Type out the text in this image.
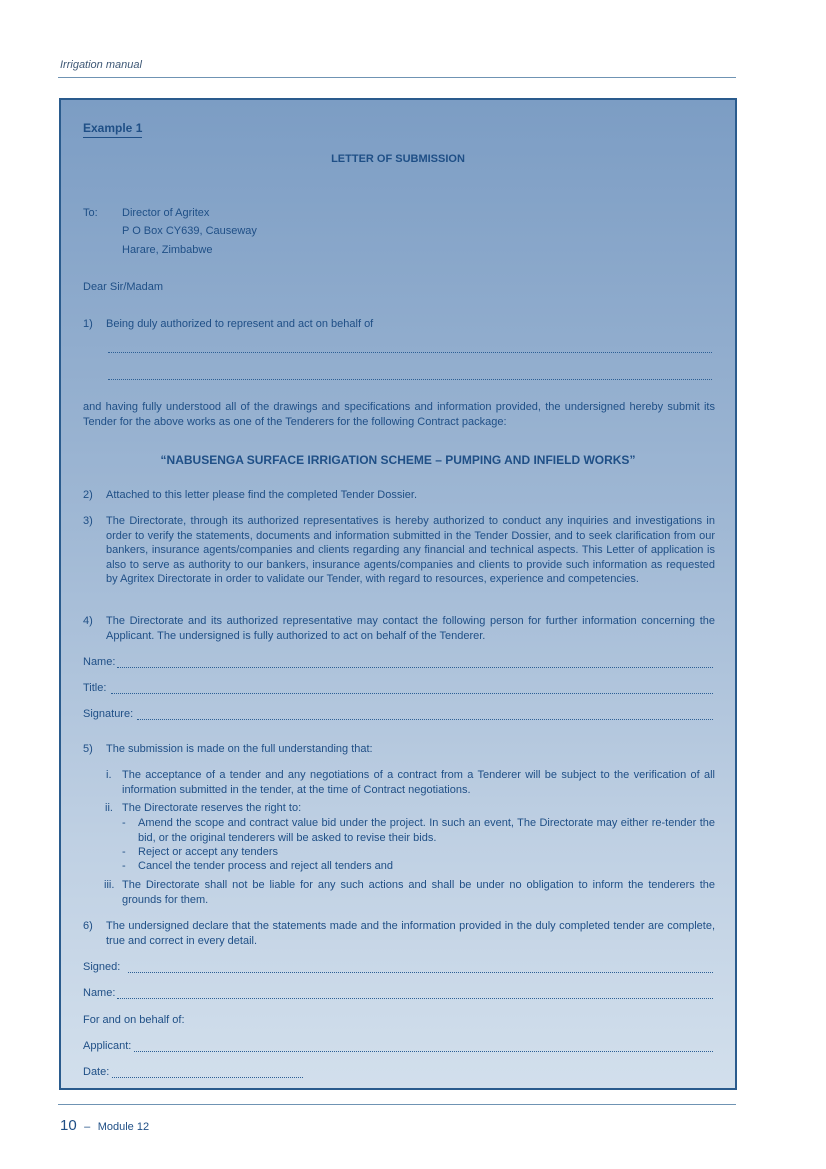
Irrigation manual
Example 1
LETTER OF SUBMISSION
To: Director of Agritex
P O Box CY639, Causeway
Harare, Zimbabwe
Dear Sir/Madam
1) Being duly authorized to represent and act on behalf of
and having fully understood all of the drawings and specifications and information provided, the undersigned hereby submit its Tender for the above works as one of the Tenderers for the following Contract package:
“NABUSENGA SURFACE IRRIGATION SCHEME – PUMPING AND INFIELD WORKS”
2) Attached to this letter please find the completed Tender Dossier.
3) The Directorate, through its authorized representatives is hereby authorized to conduct any inquiries and investigations in order to verify the statements, documents and information submitted in the Tender Dossier, and to seek clarification from our bankers, insurance agents/companies and clients regarding any financial and technical aspects. This Letter of application is also to serve as authority to our bankers, insurance agents/companies and clients to provide such information as requested by Agritex Directorate in order to validate our Tender, with regard to resources, experience and competencies.
4) The Directorate and its authorized representative may contact the following person for further information concerning the Applicant. The undersigned is fully authorized to act on behalf of the Tenderer.
Name:
Title:
Signature:
5) The submission is made on the full understanding that:
i. The acceptance of a tender and any negotiations of a contract from a Tenderer will be subject to the verification of all information submitted in the tender, at the time of Contract negotiations.
ii. The Directorate reserves the right to:
- Amend the scope and contract value bid under the project. In such an event, The Directorate may either re-tender the bid, or the original tenderers will be asked to revise their bids.
- Reject or accept any tenders
- Cancel the tender process and reject all tenders and
iii. The Directorate shall not be liable for any such actions and shall be under no obligation to inform the tenderers the grounds for them.
6) The undersigned declare that the statements made and the information provided in the duly completed tender are complete, true and correct in every detail.
Signed:
Name:
For and on behalf of:
Applicant:
Date:
10 – Module 12
